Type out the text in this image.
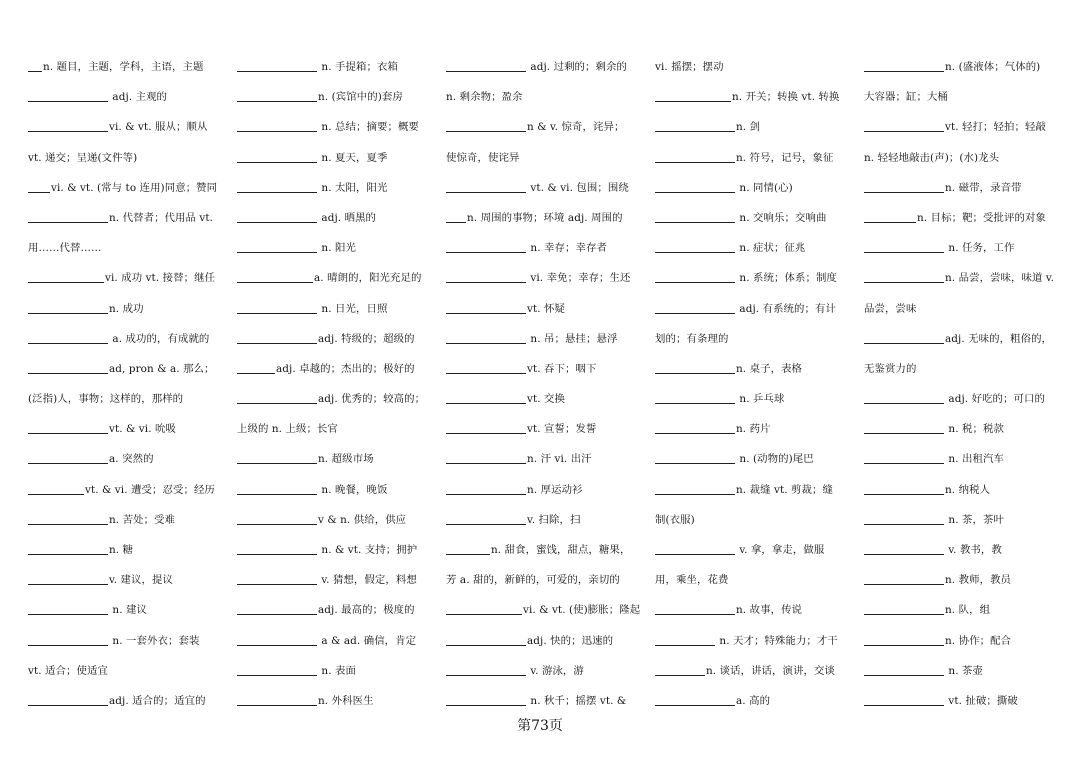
n. 题目，主题，学科，主语，主题
adj. 主观的
vi. & vt. 服从；顺从
vt. 递交；呈递(文件等)
vi. & vt. (常与 to 连用)同意；赞同
n. 代替者；代用品 vt.
用……代替……
vi. 成功 vt. 接替；继任
n. 成功
a. 成功的，有成就的
ad, pron & a. 那么；
(泛指)人，事物；这样的，那样的
vt. & vi. 吮吸
a. 突然的
vt. & vi. 遭受；忍受；经历
n. 苦处；受难
n. 糖
v. 建议，提议
n. 建议
n. 一套外衣；套装
vt. 适合；使适宜
adj. 适合的；适宜的
n. 手提箱；衣箱
n. (宾馆中的)套房
n. 总结；摘要；概要
n. 夏天，夏季
n. 太阳，阳光
adj. 晒黑的
n. 阳光
a. 晴朗的，阳光充足的
n. 日光，日照
adj. 特级的；超级的
adj. 卓越的；杰出的；极好的
adj. 优秀的；较高的；
上级的 n. 上级；长官
n. 超级市场
n. 晚餐，晚饭
v & n. 供给，供应
n. & vt. 支持；拥护
v. 猜想，假定，料想
adj. 最高的；极度的
a & ad. 确信，肯定
n. 表面
n. 外科医生
adj. 过剩的；剩余的
n. 剩余物；盈余
n & v. 惊奇，诧异；
使惊奇，使诧异
vt. & vi. 包围；围绕
n. 周围的事物；环境 adj. 周围的
n. 幸存；幸存者
vi. 幸免；幸存；生还
vt. 怀疑
n. 吊；悬挂；悬浮
vt. 吞下；咽下
vt. 交换
vt. 宣誓；发誓
n. 汗 vi. 出汗
n. 厚运动衫
v. 扫除，扫
n. 甜食，蜜饯，甜点，糖果，
芳 a. 甜的，新鲜的，可爱的，亲切的
vi. & vt. (使)膨胀；隆起
adj. 快的；迅速的
v. 游泳，游
n. 秋千；摇摆 vt. &
vi. 摇摆；摆动
n. 开关；转换 vt. 转换
n. 剑
n. 符号，记号，象征
n. 同情(心)
n. 交响乐；交响曲
n. 症状；征兆
n. 系统；体系；制度
adj. 有系统的；有计
划的；有条理的
n. 桌子，表格
n. 乒乓球
n. 药片
n. (动物的)尾巴
n. 裁缝 vt. 剪裁；缝
制(衣服)
v. 拿，拿走，做服
用，乘坐，花费
n. 故事，传说
n. 天才；特殊能力；才干
n. 谈话，讲话，演讲，交谈
a. 高的
n. (盛液体；气体的)
大容器；缸；大桶
vt. 轻打；轻拍；轻敲
n. 轻轻地敲击(声)；(水)龙头
n. 磁带，录音带
n. 目标；靶；受批评的对象
n. 任务，工作
n. 品尝，尝味，味道 v.
品尝，尝味
adj. 无味的，粗俗的，
无鉴赏力的
adj. 好吃的；可口的
n. 税；税款
n. 出租汽车
n. 纳税人
n. 茶，茶叶
v. 教书，教
n. 教师，教员
n. 队，组
n. 协作；配合
n. 茶壶
vt. 扯破；撕破
第73页
